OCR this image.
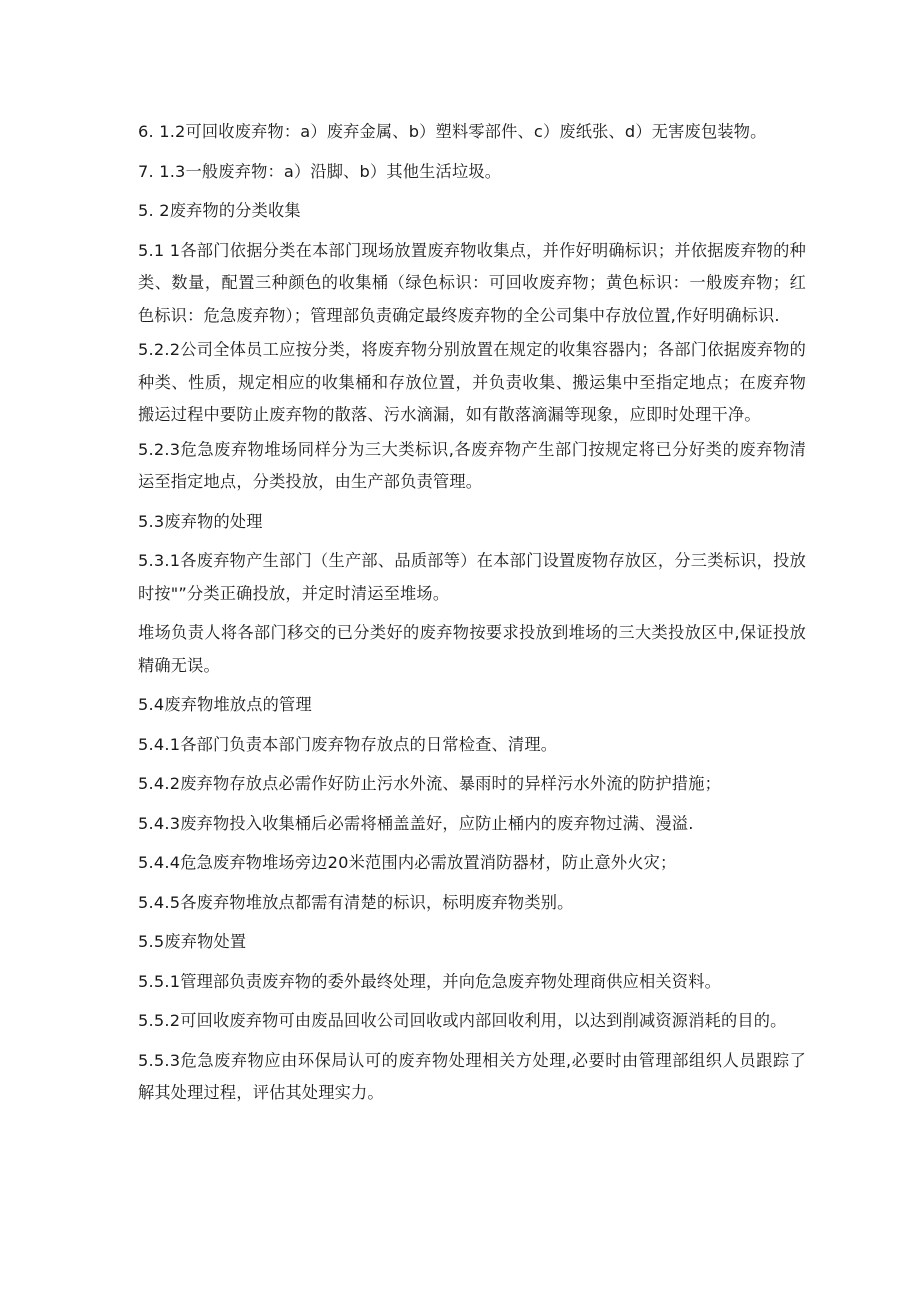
6. 1.2可回收废弃物：a）废弃金属、b）塑料零部件、c）废纸张、d）无害废包装物。

7. 1.3一般废弃物：a）沿脚、b）其他生活垃圾。

5. 2废弃物的分类收集

5.1 1各部门依据分类在本部门现场放置废弃物收集点，并作好明确标识；并依据废弃物的种类、数量，配置三种颜色的收集桶（绿色标识：可回收废弃物；黄色标识：一般废弃物；红色标识：危急废弃物）；管理部负责确定最终废弃物的全公司集中存放位置,作好明确标识.

5.2.2公司全体员工应按分类，将废弃物分别放置在规定的收集容器内；各部门依据废弃物的种类、性质，规定相应的收集桶和存放位置，并负责收集、搬运集中至指定地点；在废弃物搬运过程中要防止废弃物的散落、污水滴漏，如有散落滴漏等现象，应即时处理干净。

5.2.3危急废弃物堆场同样分为三大类标识,各废弃物产生部门按规定将已分好类的废弃物清运至指定地点，分类投放，由生产部负责管理。

5.3废弃物的处理

5.3.1各废弃物产生部门（生产部、品质部等）在本部门设置废物存放区，分三类标识，投放时按"”分类正确投放，并定时清运至堆场。

堆场负责人将各部门移交的已分类好的废弃物按要求投放到堆场的三大类投放区中,保证投放精确无误。

5.4废弃物堆放点的管理

5.4.1各部门负责本部门废弃物存放点的日常检查、清理。

5.4.2废弃物存放点必需作好防止污水外流、暴雨时的异样污水外流的防护措施；

5.4.3废弃物投入收集桶后必需将桶盖盖好，应防止桶内的废弃物过满、漫溢.

5.4.4危急废弃物堆场旁边20米范围内必需放置消防器材，防止意外火灾；

5.4.5各废弃物堆放点都需有清楚的标识，标明废弃物类别。

5.5废弃物处置

5.5.1管理部负责废弃物的委外最终处理，并向危急废弃物处理商供应相关资料。

5.5.2可回收废弃物可由废品回收公司回收或内部回收利用，以达到削减资源消耗的目的。

5.5.3危急废弃物应由环保局认可的废弃物处理相关方处理,必要时由管理部组织人员跟踪了解其处理过程，评估其处理实力。
